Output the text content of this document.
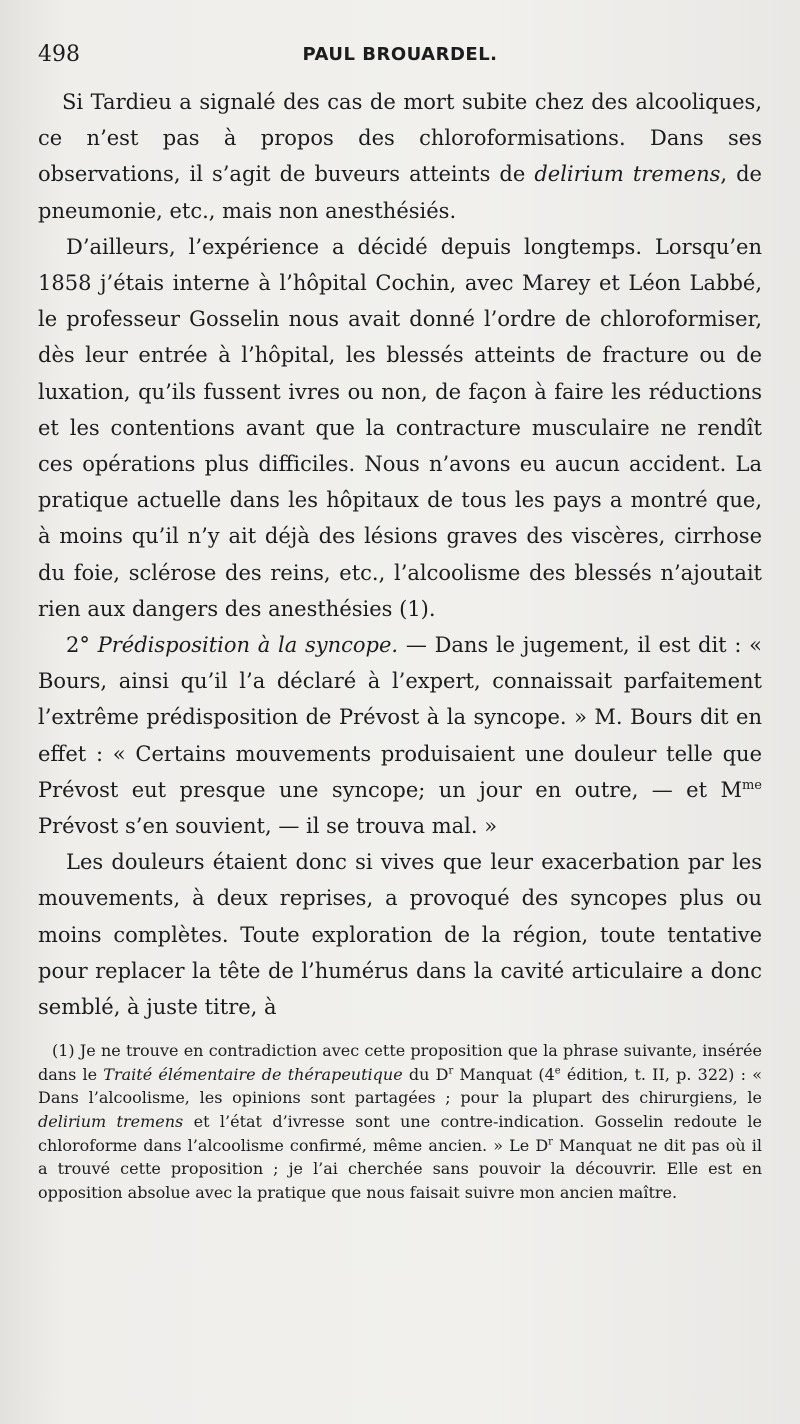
498	PAUL BROUARDEL.

Si Tardieu a signalé des cas de mort subite chez des alcooliques, ce n’est pas à propos des chloroformisations. Dans ses observations, il s’agit de buveurs atteints de delirium tremens, de pneumonie, etc., mais non anesthésiés.

D’ailleurs, l’expérience a décidé depuis longtemps. Lorsqu’en 1858 j’étais interne à l’hôpital Cochin, avec Marey et Léon Labbé, le professeur Gosselin nous avait donné l’ordre de chloroformiser, dès leur entrée à l’hôpital, les blessés atteints de fracture ou de luxation, qu’ils fussent ivres ou non, de façon à faire les réductions et les contentions avant que la contracture musculaire ne rendît ces opérations plus difficiles. Nous n’avons eu aucun accident. La pratique actuelle dans les hôpitaux de tous les pays a montré que, à moins qu’il n’y ait déjà des lésions graves des viscères, cirrhose du foie, sclérose des reins, etc., l’alcoolisme des blessés n’ajoutait rien aux dangers des anesthésies (1).

2° Prédisposition à la syncope. — Dans le jugement, il est dit : « Bours, ainsi qu’il l’a déclaré à l’expert, connaissait parfaitement l’extrême prédisposition de Prévost à la syncope. » M. Bours dit en effet : « Certains mouvements produisaient une douleur telle que Prévost eut presque une syncope; un jour en outre, — et $M^{me}$ Prévost s’en souvient, — il se trouva mal. »

Les douleurs étaient donc si vives que leur exacerbation par les mouvements, à deux reprises, a provoqué des syncopes plus ou moins complètes. Toute exploration de la région, toute tentative pour replacer la tête de l’humérus dans la cavité articulaire a donc semblé, à juste titre, à

(1) Je ne trouve en contradiction avec cette proposition que la phrase suivante, insérée dans le Traité élémentaire de thérapeutique du $D^r$ Manquat (4e édition, t. II, p. 322) : « Dans l’alcoolisme, les opinions sont partagées ; pour la plupart des chirurgiens, le delirium tremens et l’état d’ivresse sont une contre-indication. Gosselin redoute le chloroforme dans l’alcoolisme confirmé, même ancien. » Le $D^r$ Manquat ne dit pas où il a trouvé cette proposition ; je l’ai cherchée sans pouvoir la découvrir. Elle est en opposition absolue avec la pratique que nous faisait suivre mon ancien maître.
